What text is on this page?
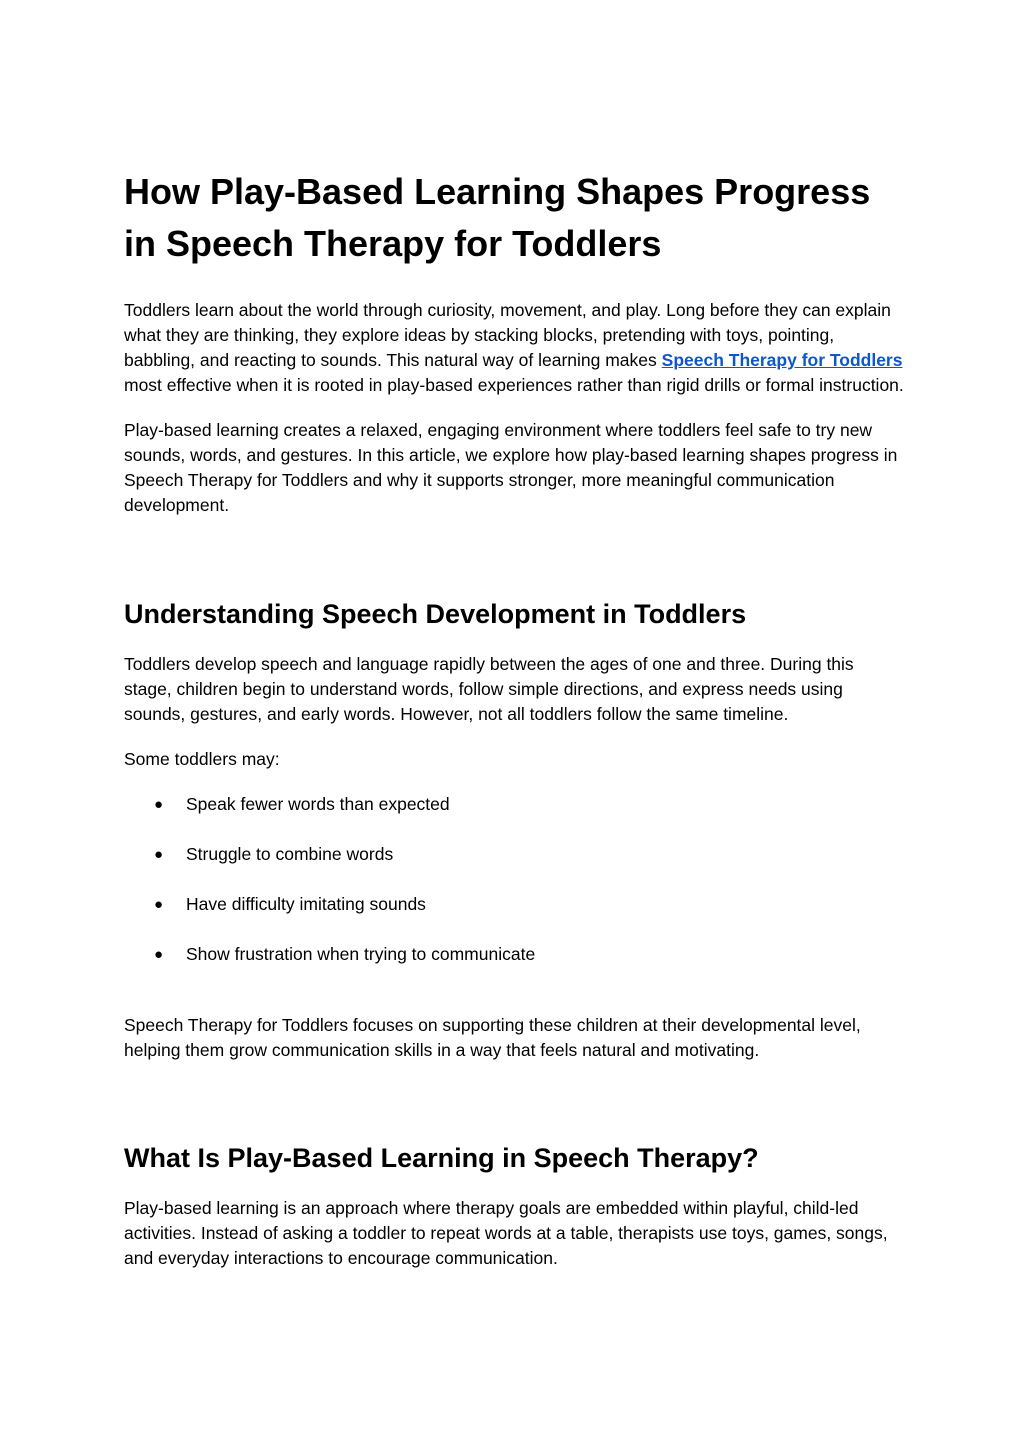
How Play-Based Learning Shapes Progress in Speech Therapy for Toddlers

Toddlers learn about the world through curiosity, movement, and play. Long before they can explain what they are thinking, they explore ideas by stacking blocks, pretending with toys, pointing, babbling, and reacting to sounds. This natural way of learning makes Speech Therapy for Toddlers most effective when it is rooted in play-based experiences rather than rigid drills or formal instruction.

Play-based learning creates a relaxed, engaging environment where toddlers feel safe to try new sounds, words, and gestures. In this article, we explore how play-based learning shapes progress in Speech Therapy for Toddlers and why it supports stronger, more meaningful communication development.

Understanding Speech Development in Toddlers

Toddlers develop speech and language rapidly between the ages of one and three. During this stage, children begin to understand words, follow simple directions, and express needs using sounds, gestures, and early words. However, not all toddlers follow the same timeline.

Some toddlers may:

● Speak fewer words than expected
● Struggle to combine words
● Have difficulty imitating sounds
● Show frustration when trying to communicate

Speech Therapy for Toddlers focuses on supporting these children at their developmental level, helping them grow communication skills in a way that feels natural and motivating.

What Is Play-Based Learning in Speech Therapy?

Play-based learning is an approach where therapy goals are embedded within playful, child-led activities. Instead of asking a toddler to repeat words at a table, therapists use toys, games, songs, and everyday interactions to encourage communication.
